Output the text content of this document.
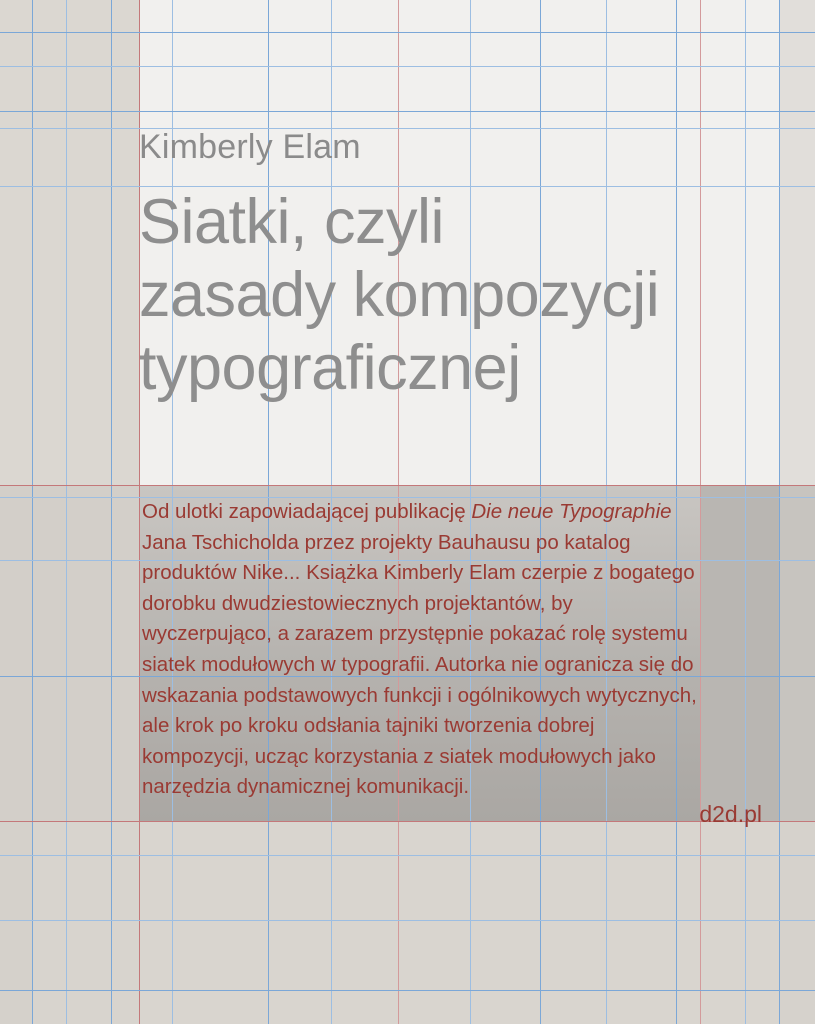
Kimberly Elam
Siatki, czyli
zasady kompozycji
typograficznej
Od ulotki zapowiadającej publikację Die neue Typographie Jana Tschicholda przez projekty Bauhausu po katalog produktów Nike... Książka Kimberly Elam czerpie z bogatego dorobku dwudziestowiecznych projektantów, by wyczerpująco, a zarazem przystępnie pokazać rolę systemu siatek modułowych w typografii. Autorka nie ogranicza się do wskazania podstawowych funkcji i ogólnikowych wytycznych, ale krok po kroku odsłania tajniki tworzenia dobrej kompozycji, ucząc korzystania z siatek modułowych jako narzędzia dynamicznej komunikacji.
d2d.pl
